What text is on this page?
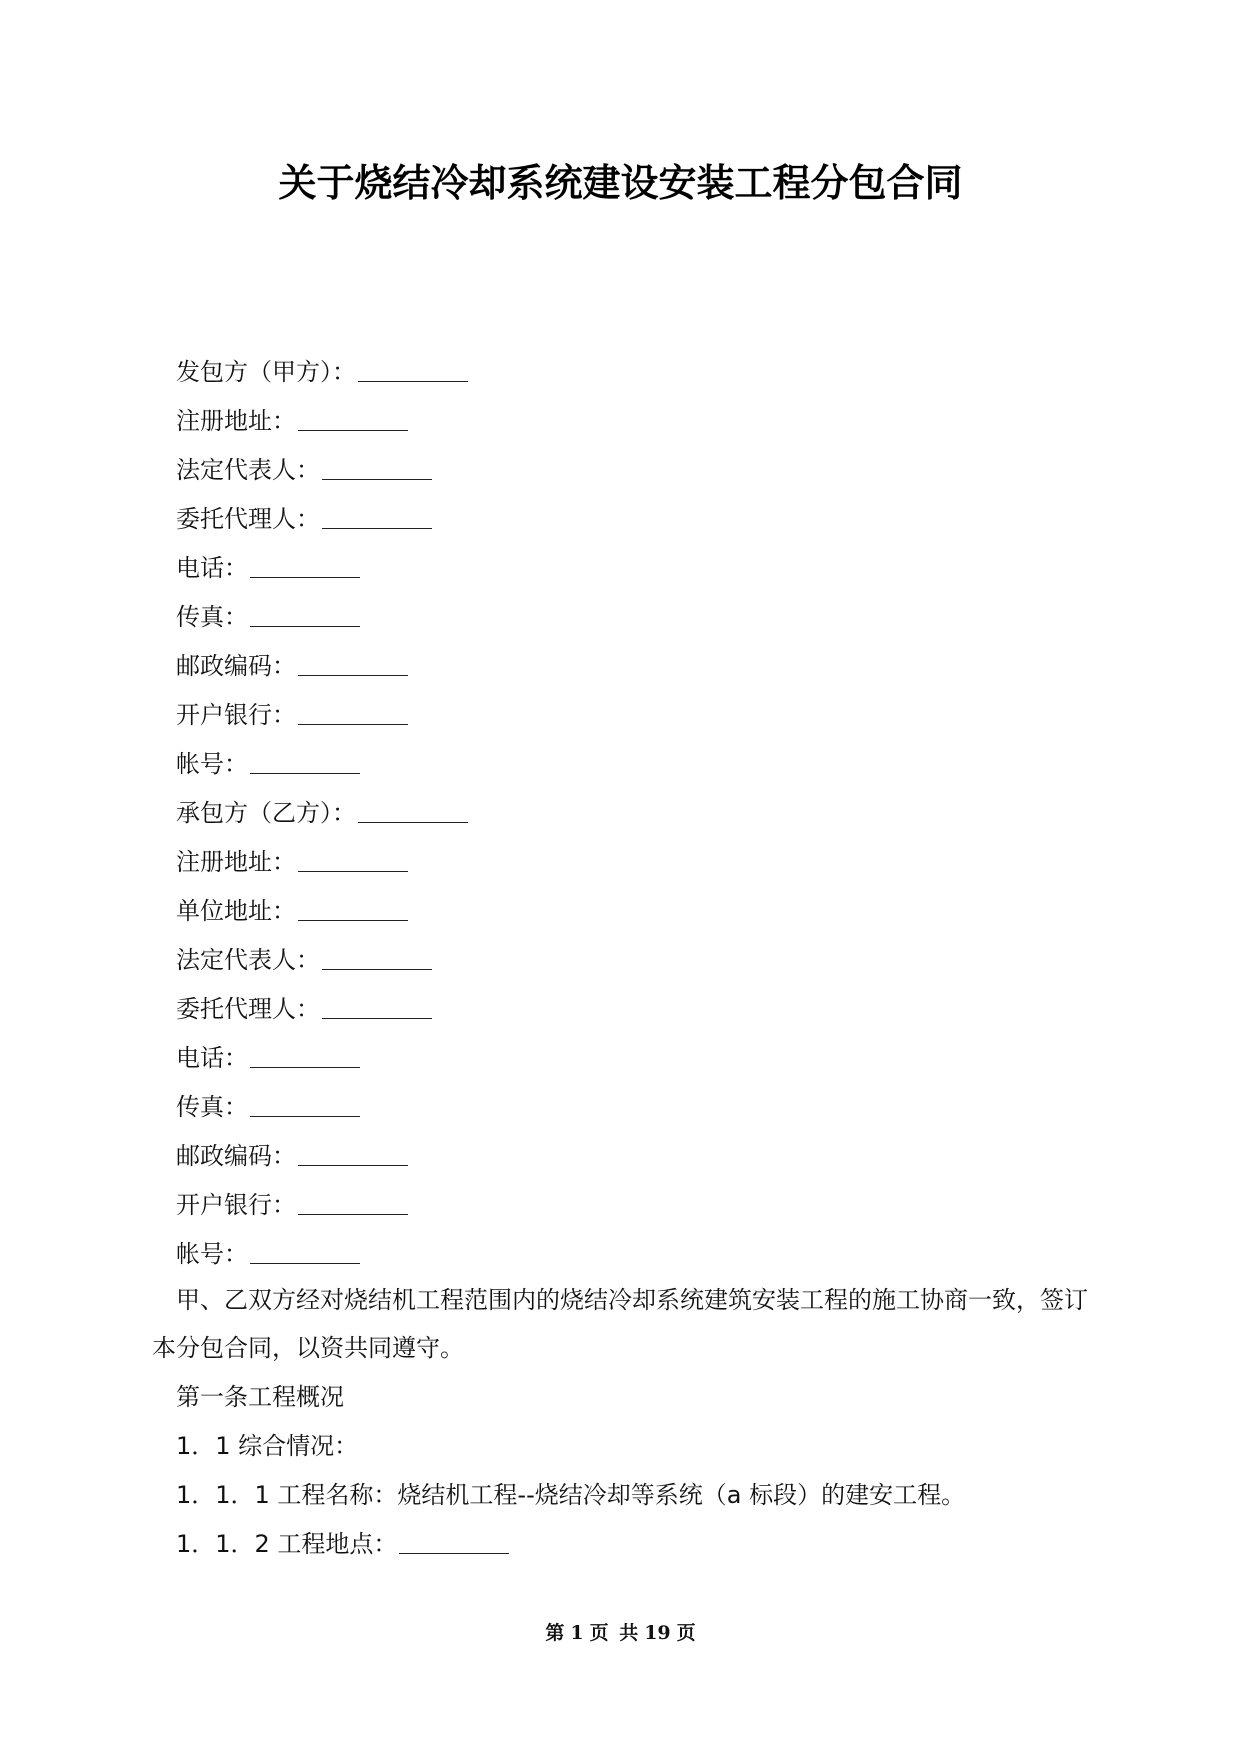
关于烧结冷却系统建设安装工程分包合同
发包方（甲方）：
注册地址：
法定代表人：
委托代理人：
电话：
传真：
邮政编码：
开户银行：
帐号：
承包方（乙方）：
注册地址：
单位地址：
法定代表人：
委托代理人：
电话：
传真：
邮政编码：
开户银行：
帐号：
甲、乙双方经对烧结机工程范围内的烧结冷却系统建筑安装工程的施工协商一致，签订本分包合同，以资共同遵守。
第一条工程概况
1．1 综合情况：
1．1．1 工程名称：烧结机工程--烧结冷却等系统（a 标段）的建安工程。
1．1．2 工程地点：
第 1 页 共 19 页
